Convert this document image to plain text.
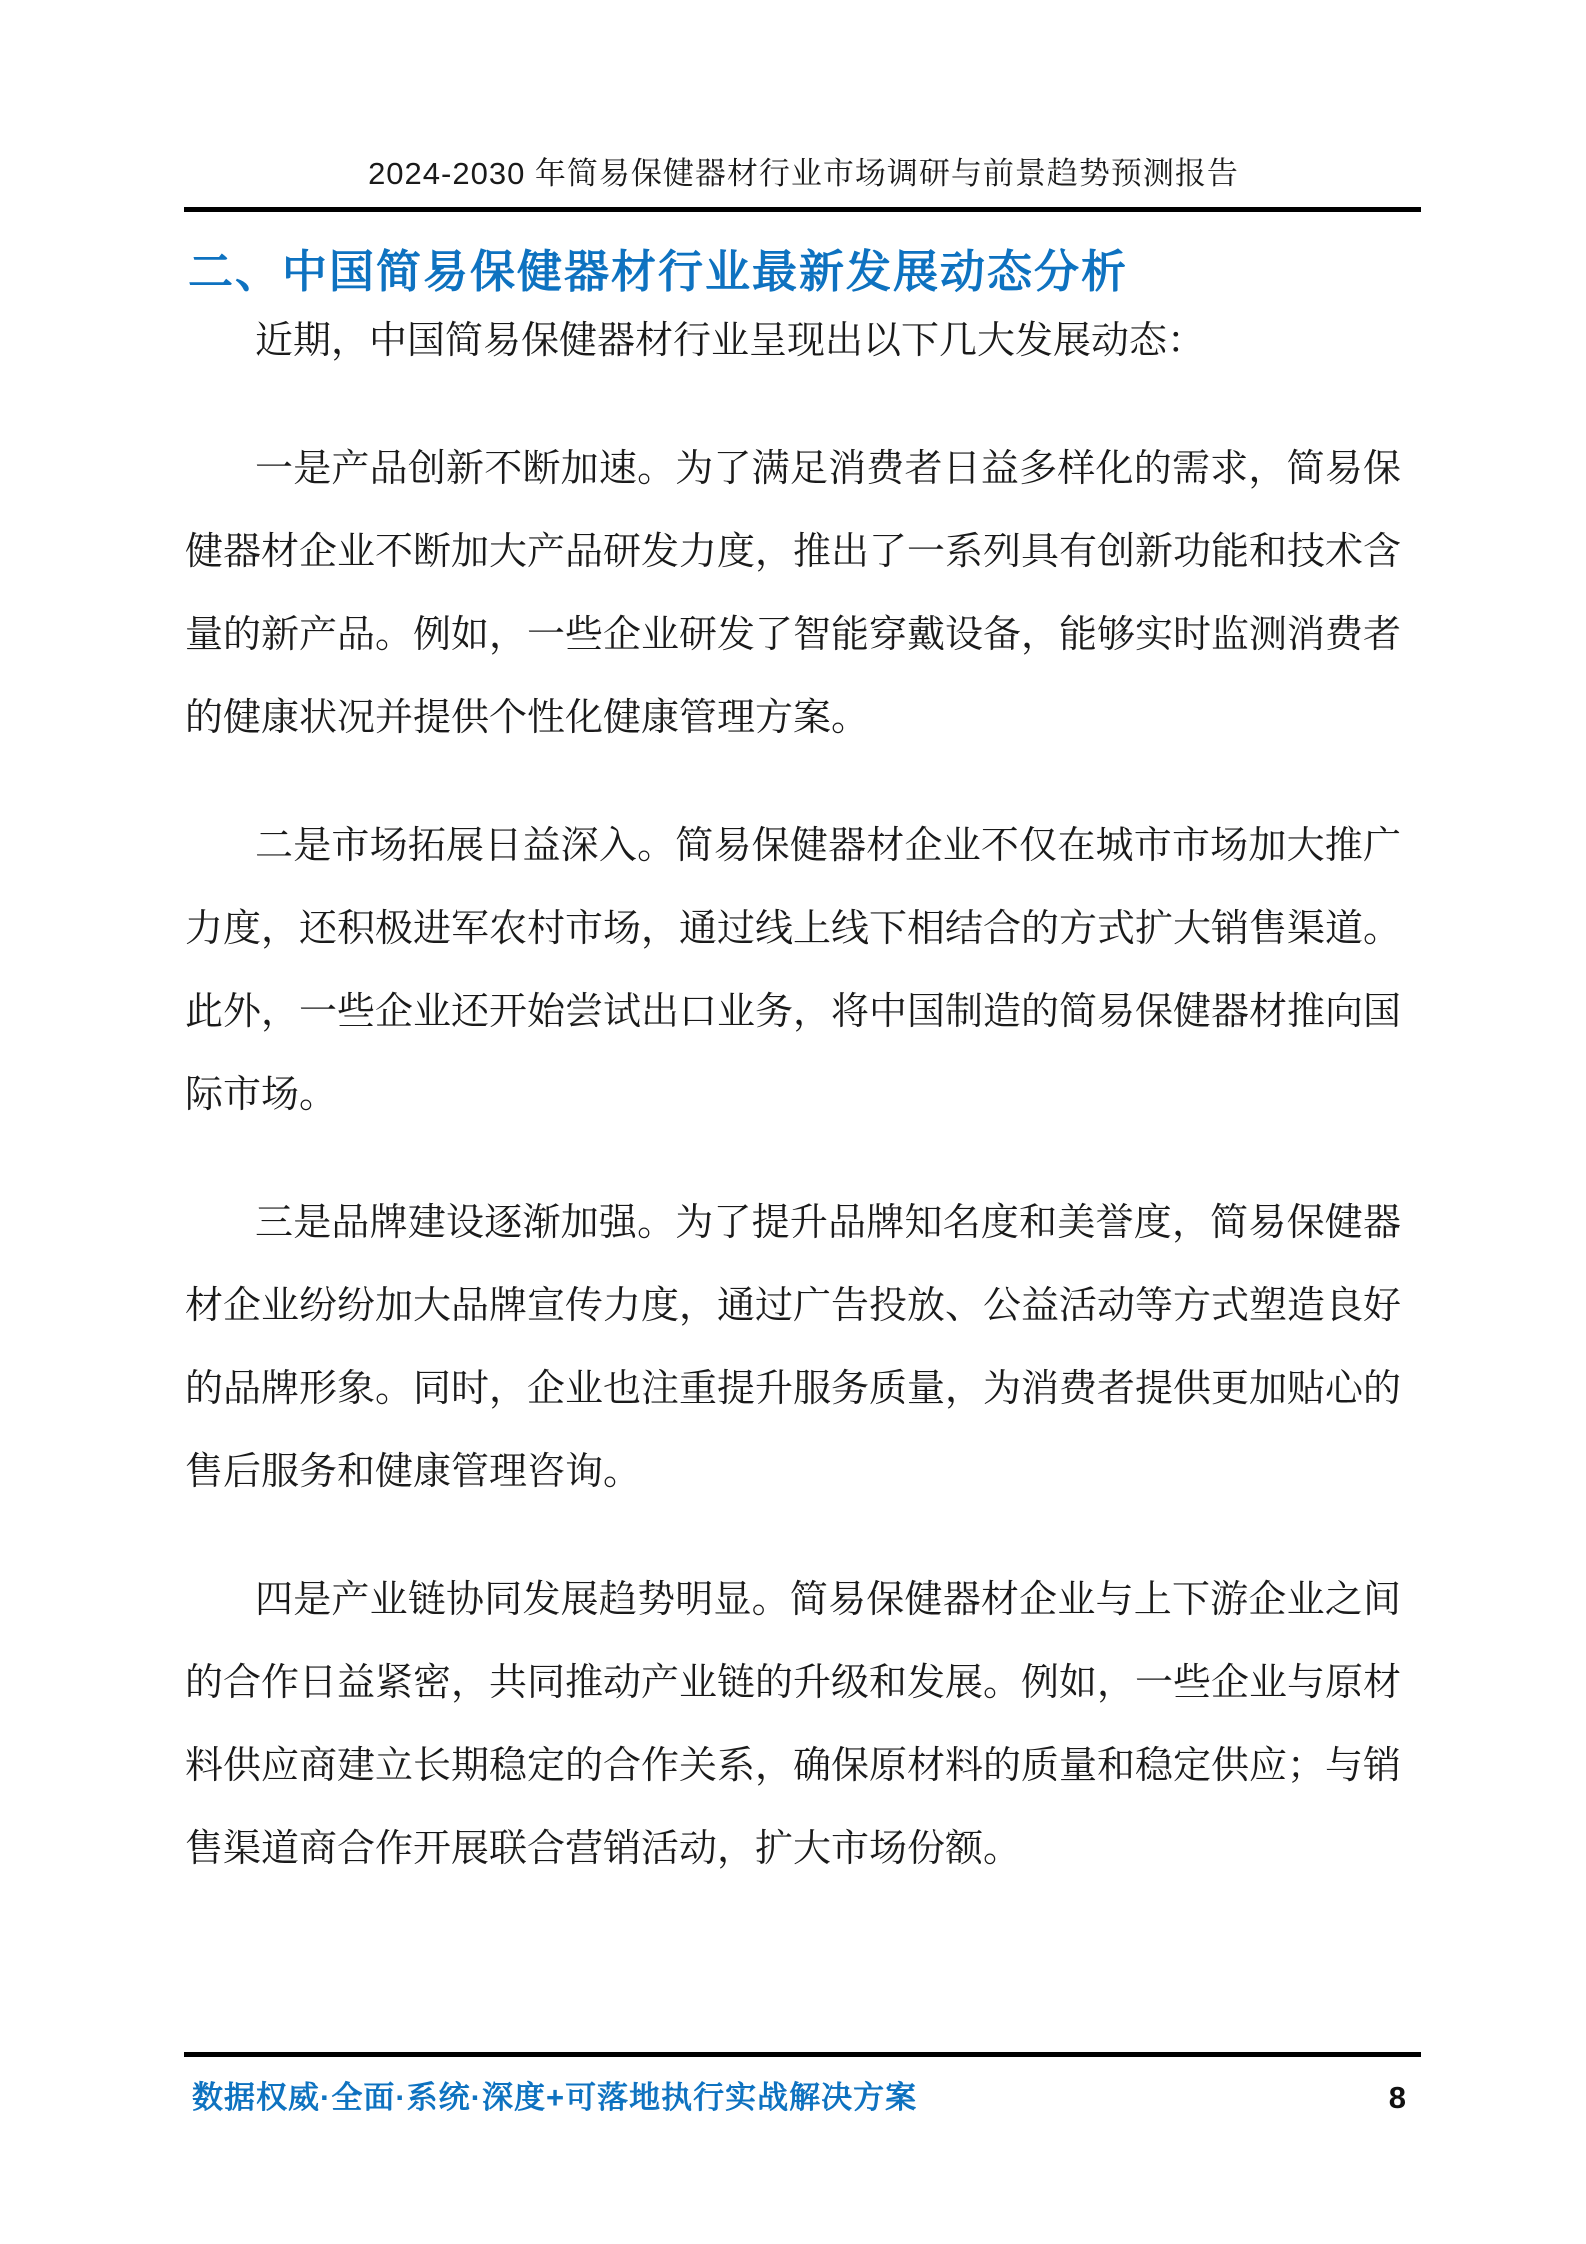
2024-2030 年简易保健器材行业市场调研与前景趋势预测报告
二、中国简易保健器材行业最新发展动态分析

近期，中国简易保健器材行业呈现出以下几大发展动态：

一是产品创新不断加速。为了满足消费者日益多样化的需求，简易保健器材企业不断加大产品研发力度，推出了一系列具有创新功能和技术含量的新产品。例如，一些企业研发了智能穿戴设备，能够实时监测消费者的健康状况并提供个性化健康管理方案。

二是市场拓展日益深入。简易保健器材企业不仅在城市市场加大推广力度，还积极进军农村市场，通过线上线下相结合的方式扩大销售渠道。此外，一些企业还开始尝试出口业务，将中国制造的简易保健器材推向国际市场。

三是品牌建设逐渐加强。为了提升品牌知名度和美誉度，简易保健器材企业纷纷加大品牌宣传力度，通过广告投放、公益活动等方式塑造良好的品牌形象。同时，企业也注重提升服务质量，为消费者提供更加贴心的售后服务和健康管理咨询。

四是产业链协同发展趋势明显。简易保健器材企业与上下游企业之间的合作日益紧密，共同推动产业链的升级和发展。例如，一些企业与原材料供应商建立长期稳定的合作关系，确保原材料的质量和稳定供应；与销售渠道商合作开展联合营销活动，扩大市场份额。

数据权威·全面·系统·深度+可落地执行实战解决方案	8
